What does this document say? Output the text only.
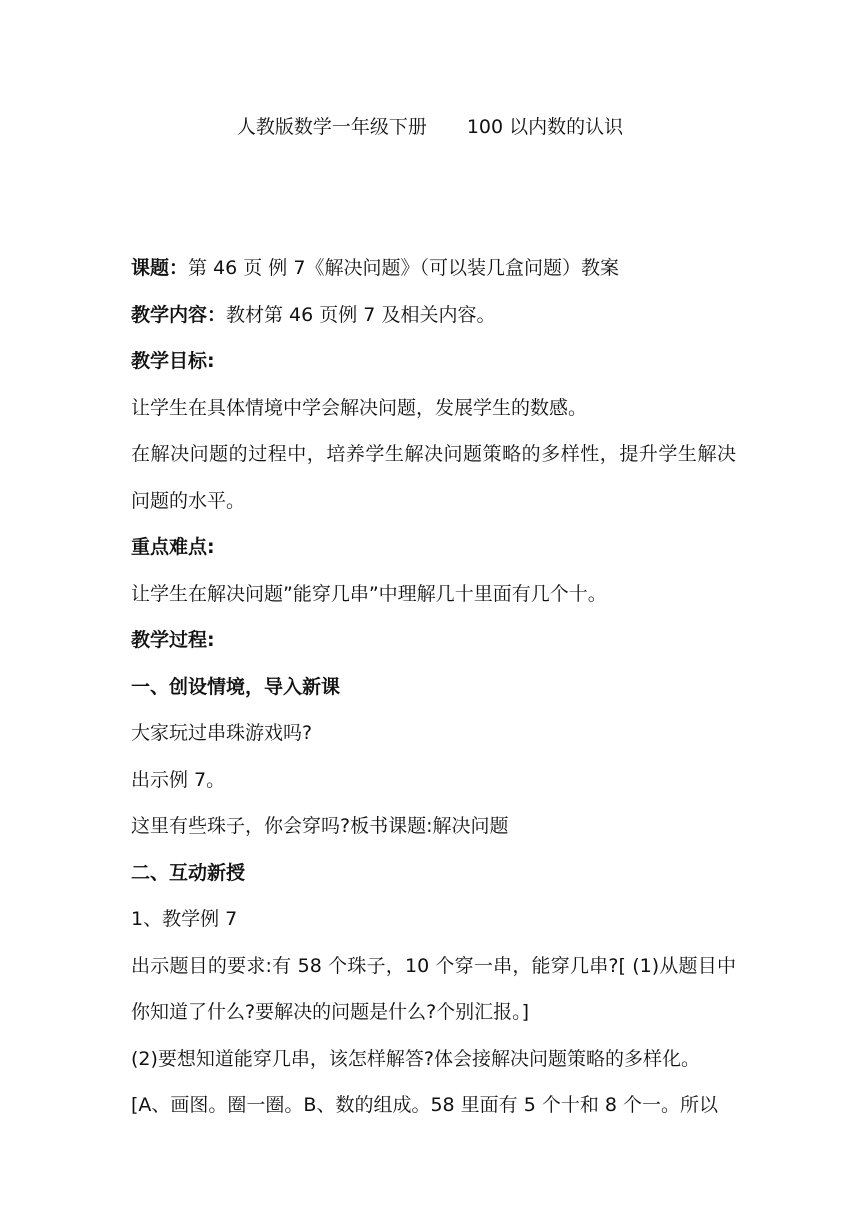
人教版数学一年级下册 100 以内数的认识
课题：第 46 页 例 7《解决问题》（可以装几盒问题）教案
教学内容：教材第 46 页例 7 及相关内容。
教学目标:
让学生在具体情境中学会解决问题，发展学生的数感。
在解决问题的过程中，培养学生解决问题策略的多样性，提升学生解决问题的水平。
重点难点:
让学生在解决问题”能穿几串”中理解几十里面有几个十。
教学过程:
一、创设情境，导入新课
大家玩过串珠游戏吗?
出示例 7。
这里有些珠子，你会穿吗?板书课题:解决问题
二、互动新授
1、教学例 7
出示题目的要求:有 58 个珠子，10 个穿一串，能穿几串?[ (1)从题目中你知道了什么?要解决的问题是什么?个别汇报。]
(2)要想知道能穿几串，该怎样解答?体会接解决问题策略的多样化。
[A、画图。圈一圈。B、数的组成。58 里面有 5 个十和 8 个一。所以
